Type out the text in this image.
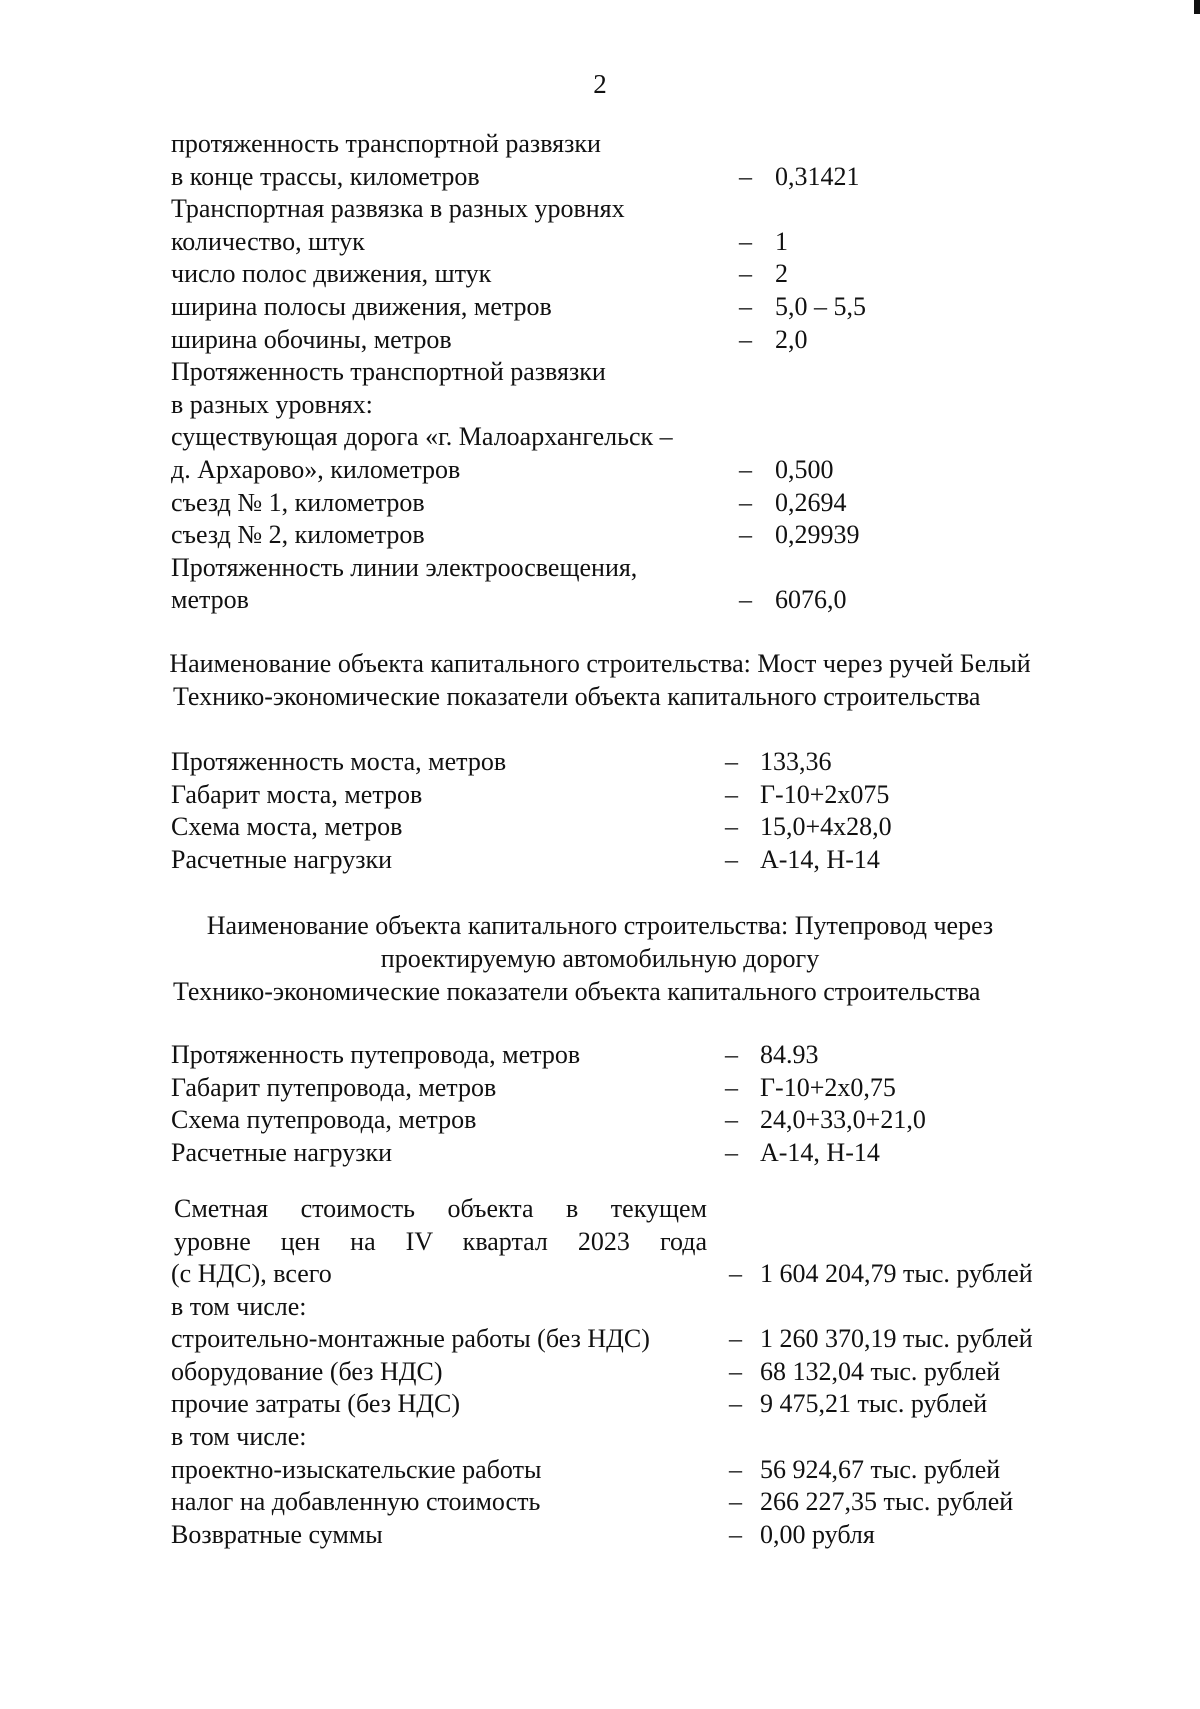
2
протяженность транспортной развязки
в конце трассы, километров	– 0,31421
Транспортная развязка в разных уровнях
количество, штук	– 1
число полос движения, штук	– 2
ширина полосы движения, метров	– 5,0 – 5,5
ширина обочины, метров	– 2,0
Протяженность транспортной развязки
в разных уровнях:
существующая дорога «г. Малоархангельск –
д. Архарово», километров	– 0,500
съезд № 1, километров	– 0,2694
съезд № 2, километров	– 0,29939
Протяженность линии электроосвещения,
метров	– 6076,0
Наименование объекта капитального строительства: Мост через ручей Белый
Технико-экономические показатели объекта капитального строительства
Протяженность моста, метров	– 133,36
Габарит моста, метров	– Г-10+2х075
Схема моста, метров	– 15,0+4х28,0
Расчетные нагрузки	– А-14, Н-14
Наименование объекта капитального строительства: Путепровод через
проектируемую автомобильную дорогу
Технико-экономические показатели объекта капитального строительства
Протяженность путепровода, метров	– 84.93
Габарит путепровода, метров	– Г-10+2х0,75
Схема путепровода, метров	– 24,0+33,0+21,0
Расчетные нагрузки	– А-14, Н-14
Сметная стоимость объекта в текущем
уровне цен на IV квартал 2023 года
(с НДС), всего	– 1 604 204,79 тыс. рублей
в том числе:
строительно-монтажные работы (без НДС)	– 1 260 370,19 тыс. рублей
оборудование (без НДС)	– 68 132,04 тыс. рублей
прочие затраты (без НДС)	– 9 475,21 тыс. рублей
в том числе:
проектно-изыскательские работы	– 56 924,67 тыс. рублей
налог на добавленную стоимость	– 266 227,35 тыс. рублей
Возвратные суммы	– 0,00 рубля
